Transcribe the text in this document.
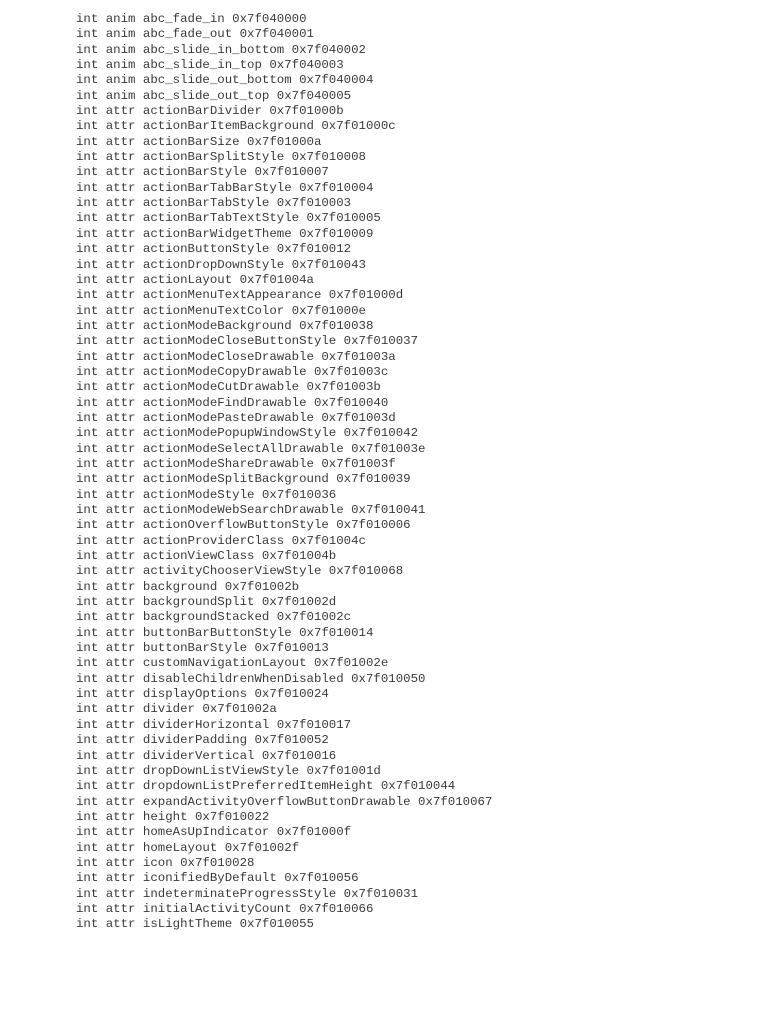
int anim abc_fade_in 0x7f040000
int anim abc_fade_out 0x7f040001
int anim abc_slide_in_bottom 0x7f040002
int anim abc_slide_in_top 0x7f040003
int anim abc_slide_out_bottom 0x7f040004
int anim abc_slide_out_top 0x7f040005
int attr actionBarDivider 0x7f01000b
int attr actionBarItemBackground 0x7f01000c
int attr actionBarSize 0x7f01000a
int attr actionBarSplitStyle 0x7f010008
int attr actionBarStyle 0x7f010007
int attr actionBarTabBarStyle 0x7f010004
int attr actionBarTabStyle 0x7f010003
int attr actionBarTabTextStyle 0x7f010005
int attr actionBarWidgetTheme 0x7f010009
int attr actionButtonStyle 0x7f010012
int attr actionDropDownStyle 0x7f010043
int attr actionLayout 0x7f01004a
int attr actionMenuTextAppearance 0x7f01000d
int attr actionMenuTextColor 0x7f01000e
int attr actionModeBackground 0x7f010038
int attr actionModeCloseButtonStyle 0x7f010037
int attr actionModeCloseDrawable 0x7f01003a
int attr actionModeCopyDrawable 0x7f01003c
int attr actionModeCutDrawable 0x7f01003b
int attr actionModeFindDrawable 0x7f010040
int attr actionModePasteDrawable 0x7f01003d
int attr actionModePopupWindowStyle 0x7f010042
int attr actionModeSelectAllDrawable 0x7f01003e
int attr actionModeShareDrawable 0x7f01003f
int attr actionModeSplitBackground 0x7f010039
int attr actionModeStyle 0x7f010036
int attr actionModeWebSearchDrawable 0x7f010041
int attr actionOverflowButtonStyle 0x7f010006
int attr actionProviderClass 0x7f01004c
int attr actionViewClass 0x7f01004b
int attr activityChooserViewStyle 0x7f010068
int attr background 0x7f01002b
int attr backgroundSplit 0x7f01002d
int attr backgroundStacked 0x7f01002c
int attr buttonBarButtonStyle 0x7f010014
int attr buttonBarStyle 0x7f010013
int attr customNavigationLayout 0x7f01002e
int attr disableChildrenWhenDisabled 0x7f010050
int attr displayOptions 0x7f010024
int attr divider 0x7f01002a
int attr dividerHorizontal 0x7f010017
int attr dividerPadding 0x7f010052
int attr dividerVertical 0x7f010016
int attr dropDownListViewStyle 0x7f01001d
int attr dropdownListPreferredItemHeight 0x7f010044
int attr expandActivityOverflowButtonDrawable 0x7f010067
int attr height 0x7f010022
int attr homeAsUpIndicator 0x7f01000f
int attr homeLayout 0x7f01002f
int attr icon 0x7f010028
int attr iconifiedByDefault 0x7f010056
int attr indeterminateProgressStyle 0x7f010031
int attr initialActivityCount 0x7f010066
int attr isLightTheme 0x7f010055
